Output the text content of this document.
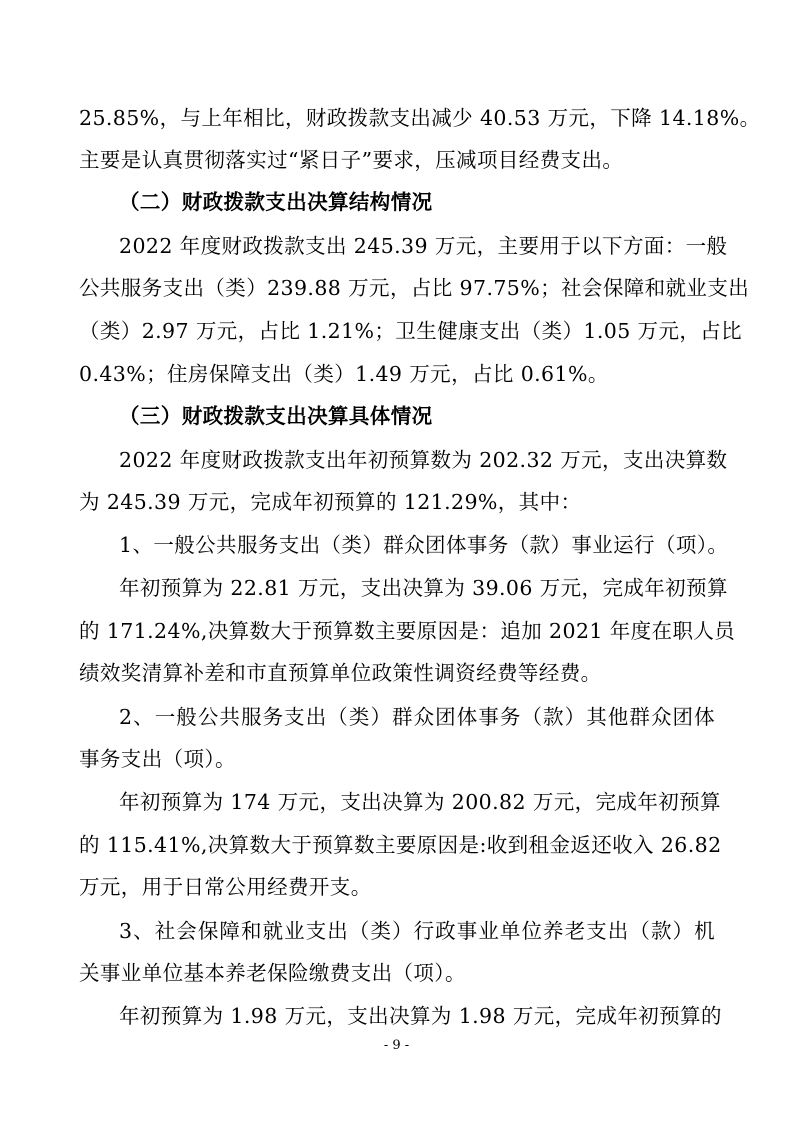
25.85%，与上年相比，财政拨款支出减少 40.53 万元，下降 14.18%。
主要是认真贯彻落实过“紧日子”要求，压减项目经费支出。
（二）财政拨款支出决算结构情况
2022 年度财政拨款支出 245.39 万元，主要用于以下方面：一般
公共服务支出（类）239.88 万元，占比 97.75%；社会保障和就业支出
（类）2.97 万元，占比 1.21%；卫生健康支出（类）1.05 万元，占比
0.43%；住房保障支出（类）1.49 万元，占比 0.61%。
（三）财政拨款支出决算具体情况
2022 年度财政拨款支出年初预算数为 202.32 万元，支出决算数
为 245.39 万元，完成年初预算的 121.29%，其中：
1、一般公共服务支出（类）群众团体事务（款）事业运行（项）。
年初预算为 22.81 万元，支出决算为 39.06 万元，完成年初预算
的 171.24%,决算数大于预算数主要原因是：追加 2021 年度在职人员
绩效奖清算补差和市直预算单位政策性调资经费等经费。
2、一般公共服务支出（类）群众团体事务（款）其他群众团体
事务支出（项）。
年初预算为 174 万元，支出决算为 200.82 万元，完成年初预算
的 115.41%,决算数大于预算数主要原因是:收到租金返还收入 26.82
万元，用于日常公用经费开支。
3、社会保障和就业支出（类）行政事业单位养老支出（款）机
关事业单位基本养老保险缴费支出（项）。
年初预算为 1.98 万元，支出决算为 1.98 万元，完成年初预算的
- 9 -
